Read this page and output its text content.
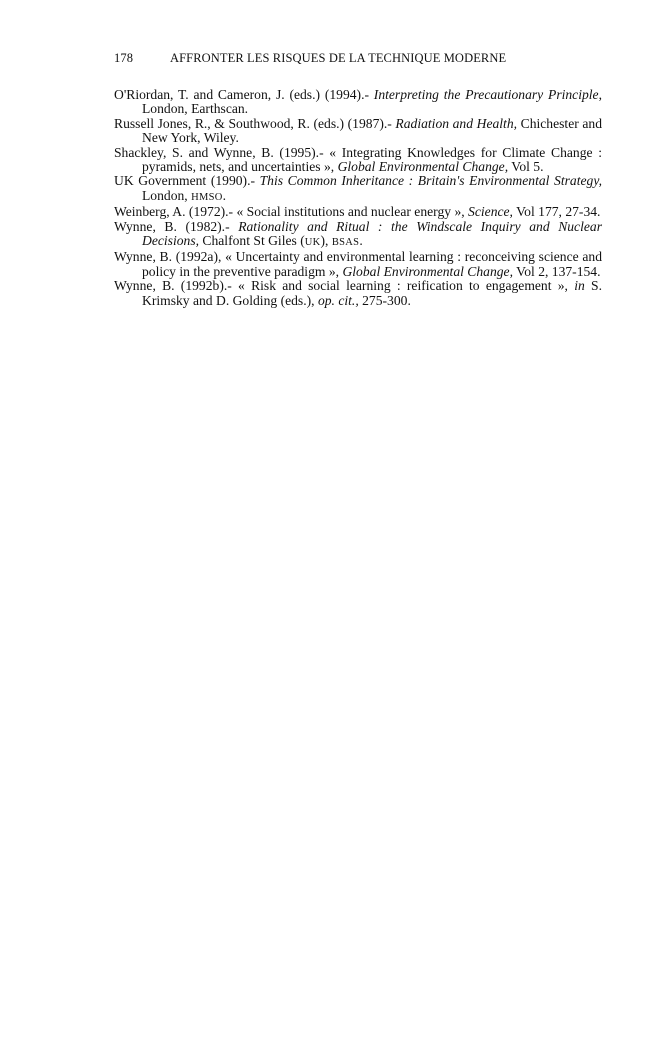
178	AFFRONTER LES RISQUES DE LA TECHNIQUE MODERNE

O'Riordan, T. and Cameron, J. (eds.) (1994).- Interpreting the Precautionary Principle, London, Earthscan.

Russell Jones, R., & Southwood, R. (eds.) (1987).- Radiation and Health, Chichester and New York, Wiley.

Shackley, S. and Wynne, B. (1995).- « Integrating Knowledges for Climate Change : pyramids, nets, and uncertainties », Global Environmental Change, Vol 5.

UK Government (1990).- This Common Inheritance : Britain's Environmental Strategy, London, HMSO.

Weinberg, A. (1972).- « Social institutions and nuclear energy », Science, Vol 177, 27-34.

Wynne, B. (1982).- Rationality and Ritual : the Windscale Inquiry and Nuclear Decisions, Chalfont St Giles (UK), BSAS.

Wynne, B. (1992a), « Uncertainty and environmental learning : reconceiving science and policy in the preventive paradigm », Global Environmental Change, Vol 2, 137-154.

Wynne, B. (1992b).- « Risk and social learning : reification to engagement », in S. Krimsky and D. Golding (eds.), op. cit., 275-300.
